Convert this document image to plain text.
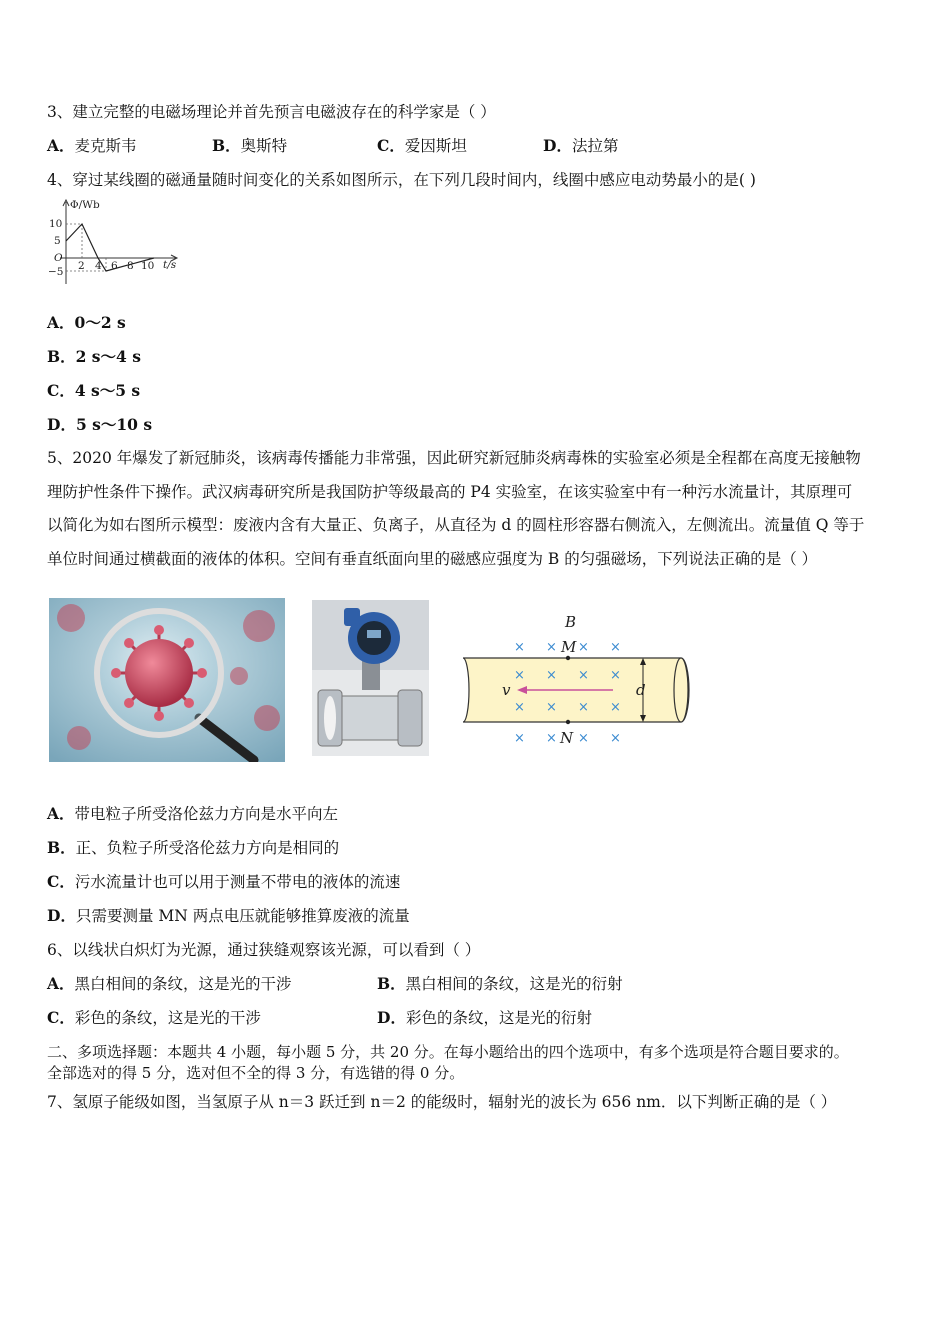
3、建立完整的电磁场理论并首先预言电磁波存在的科学家是（ ）
A．麦克斯韦	B．奥斯特	C．爱因斯坦	D．法拉第
4、穿过某线圈的磁通量随时间变化的关系如图所示，在下列几段时间内，线圈中感应电动势最小的是( )
Φ/Wb
t/s
10
5
O
−5 2 4 6 8 10
A．0～2 s
B．2 s～4 s
C．4 s～5 s
D．5 s～10 s
5、2020 年爆发了新冠肺炎，该病毒传播能力非常强，因此研究新冠肺炎病毒株的实验室必须是全程都在高度无接触物
理防护性条件下操作。武汉病毒研究所是我国防护等级最高的 P4 实验室，在该实验室中有一种污水流量计，其原理可
以简化为如右图所示模型：废液内含有大量正、负离子，从直径为 d 的圆柱形容器右侧流入，左侧流出。流量值 Q 等于
单位时间通过横截面的液体的体积。空间有垂直纸面向里的磁感应强度为 B 的匀强磁场，下列说法正确的是（ ）
× × × ×
× × × ×
× × × ×
× × × ×
B
M
N
v	d
A．带电粒子所受洛伦兹力方向是水平向左
B．正、负粒子所受洛伦兹力方向是相同的
C．污水流量计也可以用于测量不带电的液体的流速
D．只需要测量 MN 两点电压就能够推算废液的流量
6、以线状白炽灯为光源，通过狭缝观察该光源，可以看到（ ）
A．黑白相间的条纹，这是光的干涉	B．黑白相间的条纹，这是光的衍射
C．彩色的条纹，这是光的干涉	D．彩色的条纹，这是光的衍射
二、多项选择题：本题共 4 小题，每小题 5 分，共 20 分。在每小题给出的四个选项中，有多个选项是符合题目要求的。
全部选对的得 5 分，选对但不全的得 3 分，有选错的得 0 分。
7、氢原子能级如图，当氢原子从 n＝3 跃迁到 n＝2 的能级时，辐射光的波长为 656 nm．以下判断正确的是（ ）
